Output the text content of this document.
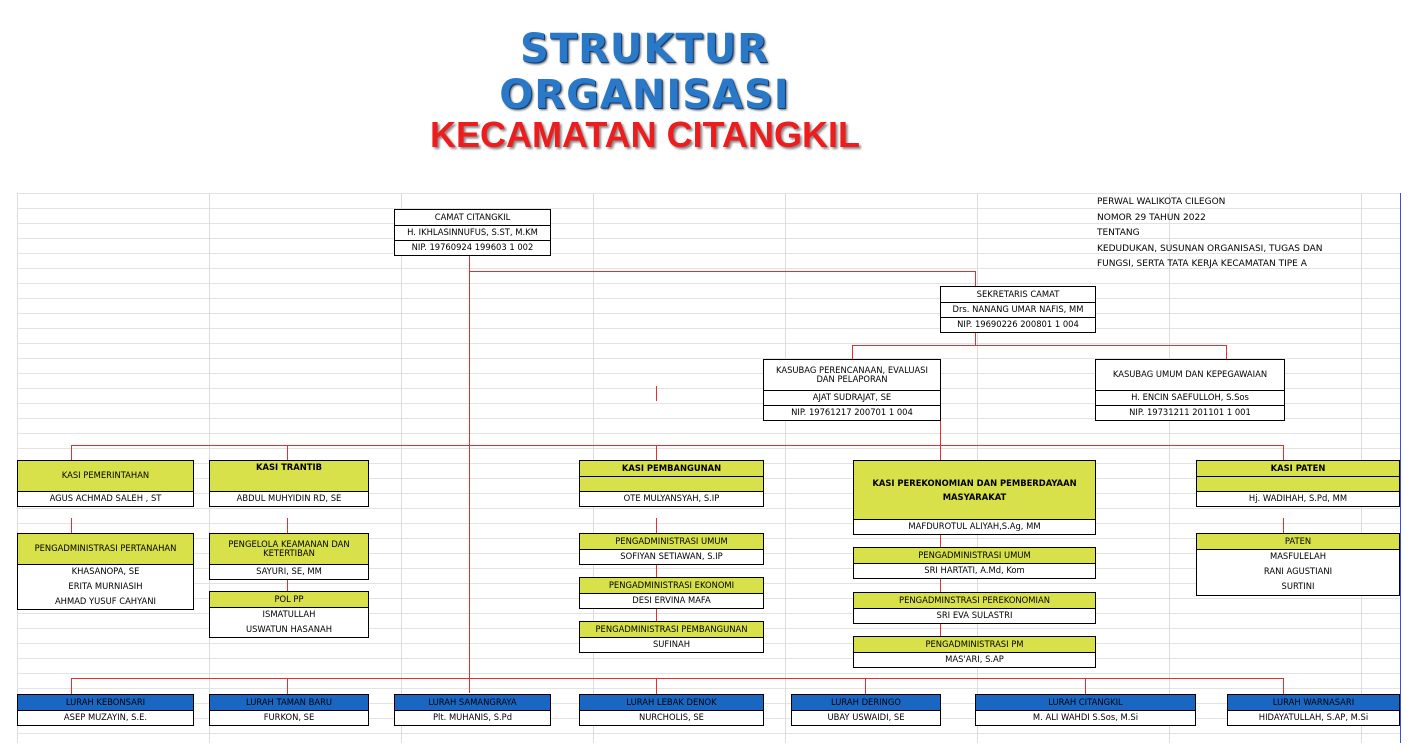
STRUKTUR ORGANISASI
KECAMATAN CITANGKIL
PERWAL WALIKOTA CILEGON
NOMOR 29 TAHUN 2022
TENTANG
KEDUDUKAN, SUSUNAN ORGANISASI, TUGAS DAN
FUNGSI, SERTA TATA KERJA KECAMATAN TIPE A
CAMAT CITANGKIL
H. IKHLASINNUFUS, S.ST, M.KM
NIP. 19760924 199603 1 002
SEKRETARIS CAMAT
Drs. NANANG UMAR NAFIS, MM
NIP. 19690226 200801 1 004
KASUBAG PERENCANAAN, EVALUASI DAN PELAPORAN
AJAT SUDRAJAT, SE
NIP. 19761217 200701 1 004
KASUBAG UMUM DAN KEPEGAWAIAN
H. ENCIN SAEFULLOH, S.Sos
NIP. 19731211 201101 1 001
KASI PEMERINTAHAN
AGUS ACHMAD SALEH , ST
PENGADMINISTRASI PERTANAHAN
KHASANOPA, SE
ERITA MURNIASIH
AHMAD YUSUF CAHYANI
KASI TRANTIB
ABDUL MUHYIDIN RD, SE
PENGELOLA KEAMANAN DAN KETERTIBAN
SAYURI, SE, MM
POL PP
ISMATULLAH
USWATUN HASANAH
KASI PEMBANGUNAN
OTE MULYANSYAH, S.IP
PENGADMINISTRASI UMUM
SOFIYAN SETIAWAN, S.IP
PENGADMINISTRASI EKONOMI
DESI ERVINA MAFA
PENGADMINISTRASI PEMBANGUNAN
SUFINAH
KASI PEREKONOMIAN DAN PEMBERDAYAAN MASYARAKAT
MAFDUROTUL ALIYAH,S.Ag, MM
PENGADMINISTRASI UMUM
SRI HARTATI, A.Md, Kom
PENGADMINSTRASI PEREKONOMIAN
SRI EVA SULASTRI
PENGADMINISTRASI PM
MAS'ARI, S.AP
KASI PATEN
Hj. WADIHAH, S.Pd, MM
PATEN
MASFULELAH
RANI AGUSTIANI
SURTINI
LURAH KEBONSARI
ASEP MUZAYIN, S.E.
LURAH TAMAN BARU
FURKON, SE
LURAH SAMANGRAYA
Plt. MUHANIS, S.Pd
LURAH LEBAK DENOK
NURCHOLIS, SE
LURAH DERINGO
UBAY USWAIDI, SE
LURAH CITANGKIL
M. ALI WAHDI S.Sos, M.Si
LURAH WARNASARI
HIDAYATULLAH, S.AP, M.Si
